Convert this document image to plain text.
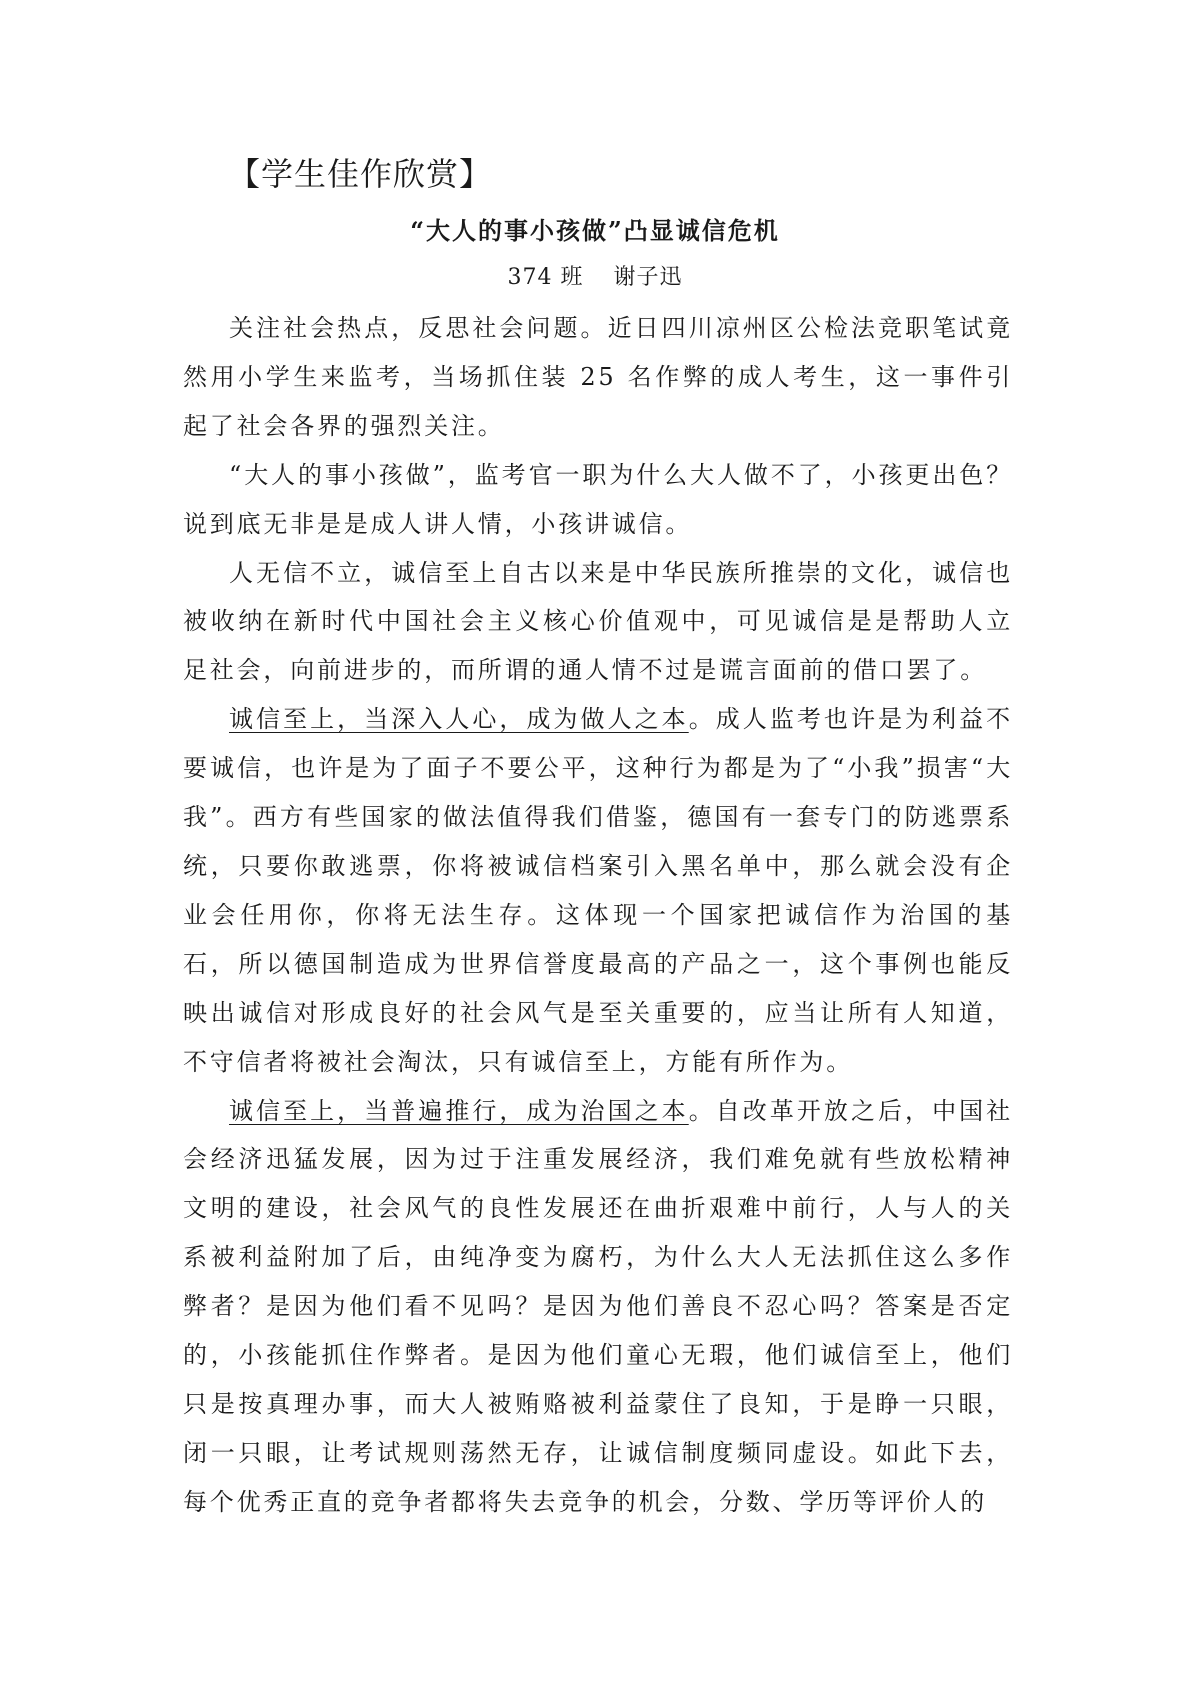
【学生佳作欣赏】
“大人的事小孩做”凸显诚信危机
374 班 谢子迅

关注社会热点，反思社会问题。近日四川凉州区公检法竞职笔试竟然用小学生来监考，当场抓住装 25 名作弊的成人考生，这一事件引起了社会各界的强烈关注。

“大人的事小孩做”，监考官一职为什么大人做不了，小孩更出色？说到底无非是是成人讲人情，小孩讲诚信。

人无信不立，诚信至上自古以来是中华民族所推崇的文化，诚信也被收纳在新时代中国社会主义核心价值观中，可见诚信是是帮助人立足社会，向前进步的，而所谓的通人情不过是谎言面前的借口罢了。

诚信至上，当深入人心，成为做人之本。成人监考也许是为利益不要诚信，也许是为了面子不要公平，这种行为都是为了“小我”损害“大我”。西方有些国家的做法值得我们借鉴，德国有一套专门的防逃票系统，只要你敢逃票，你将被诚信档案引入黑名单中，那么就会没有企业会任用你，你将无法生存。这体现一个国家把诚信作为治国的基石，所以德国制造成为世界信誉度最高的产品之一，这个事例也能反映出诚信对形成良好的社会风气是至关重要的，应当让所有人知道，不守信者将被社会淘汰，只有诚信至上，方能有所作为。

诚信至上，当普遍推行，成为治国之本。自改革开放之后，中国社会经济迅猛发展，因为过于注重发展经济，我们难免就有些放松精神文明的建设，社会风气的良性发展还在曲折艰难中前行，人与人的关系被利益附加了后，由纯净变为腐朽，为什么大人无法抓住这么多作弊者？是因为他们看不见吗？是因为他们善良不忍心吗？答案是否定的，小孩能抓住作弊者。是因为他们童心无瑕，他们诚信至上，他们只是按真理办事，而大人被贿赂被利益蒙住了良知，于是睁一只眼，闭一只眼，让考试规则荡然无存，让诚信制度频同虚设。如此下去，每个优秀正直的竞争者都将失去竞争的机会，分数、学历等评价人的
